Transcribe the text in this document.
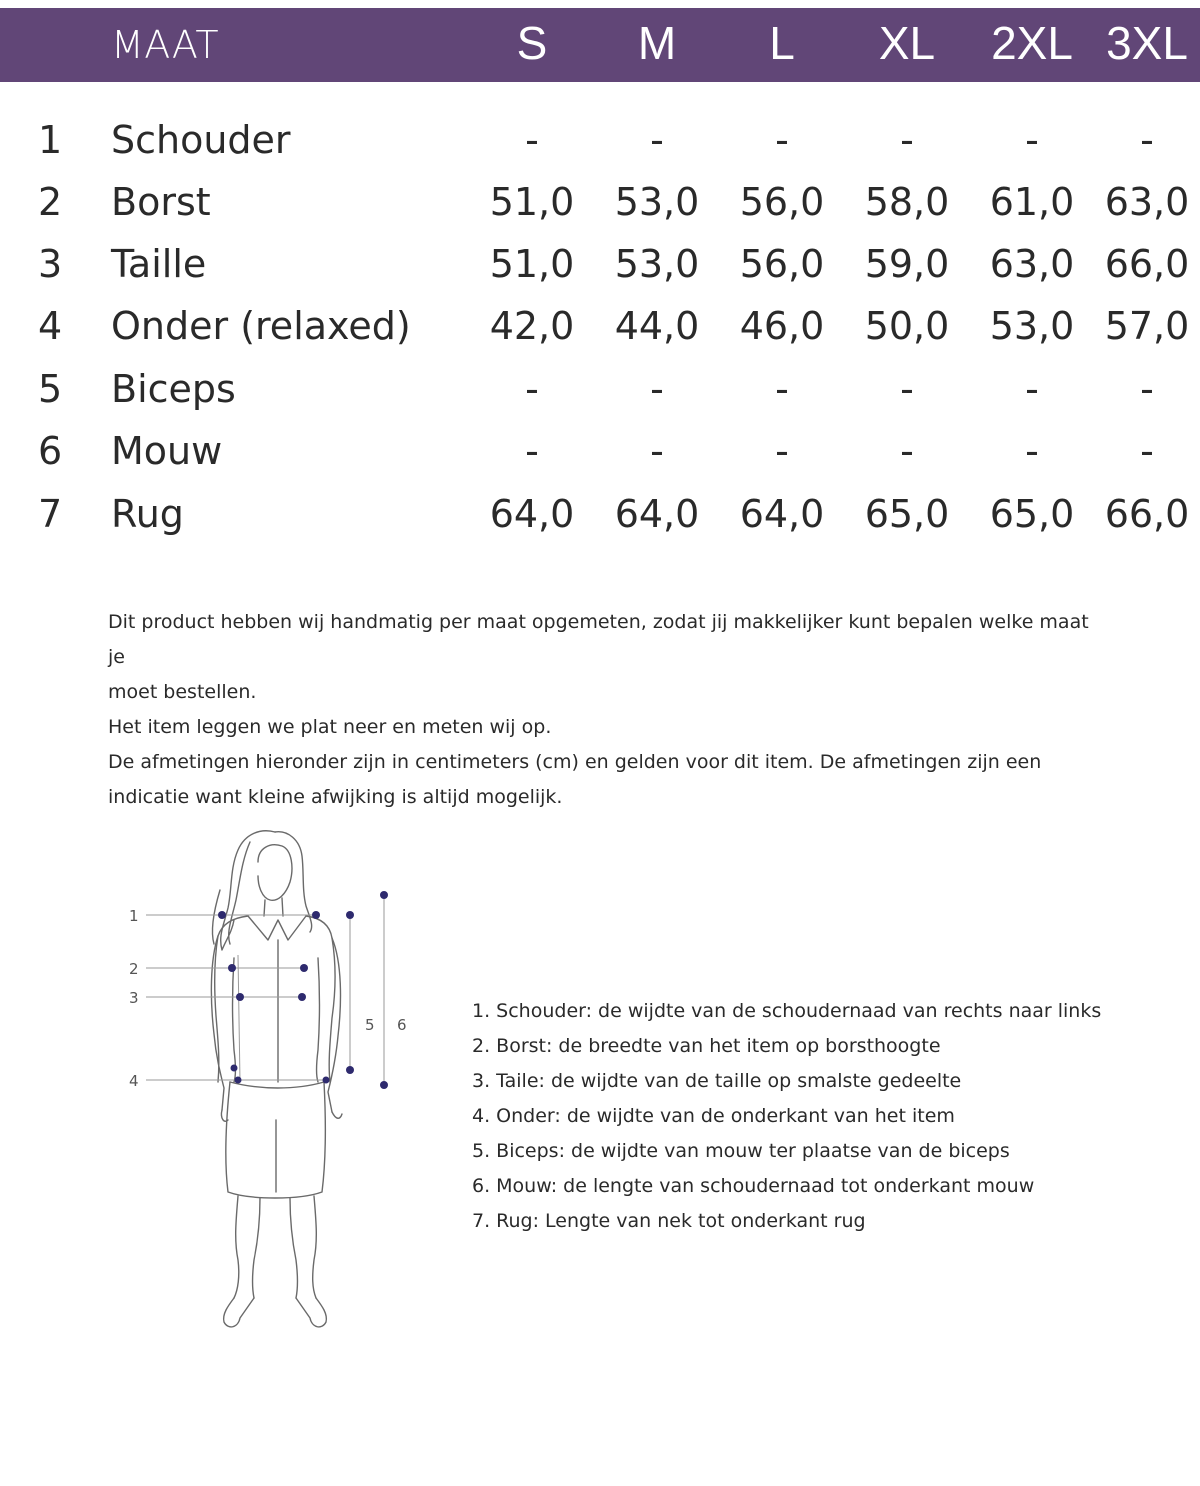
MAAT	S	M	L	XL	2XL 3XL
1 Schouder	-	-	-	-	-	-
2 Borst	51,0	53,0	56,0	58,0	61,0 63,0
3 Taille	51,0	53,0	56,0	59,0	63,0 66,0
4 Onder (relaxed)	42,0	44,0	46,0	50,0	53,0 57,0
5 Biceps	-	-	-	-	-	-
6 Mouw	-	-	-	-	-	-
7 Rug	64,0	64,0	64,0	65,0	65,0 66,0

Dit product hebben wij handmatig per maat opgemeten, zodat jij makkelijker kunt bepalen welke maat je

moet bestellen.

Het item leggen we plat neer en meten wij op.

De afmetingen hieronder zijn in centimeters (cm) en gelden voor dit item. De afmetingen zijn een

indicatie want kleine afwijking is altijd mogelijk.

1
2
3
4
5 6
1. Schouder: de wijdte van de schoudernaad van rechts naar links
2. Borst: de breedte van het item op borsthoogte
3. Taile: de wijdte van de taille op smalste gedeelte
4. Onder: de wijdte van de onderkant van het item
5. Biceps: de wijdte van mouw ter plaatse van de biceps
6. Mouw: de lengte van schoudernaad tot onderkant mouw
7. Rug: Lengte van nek tot onderkant rug
